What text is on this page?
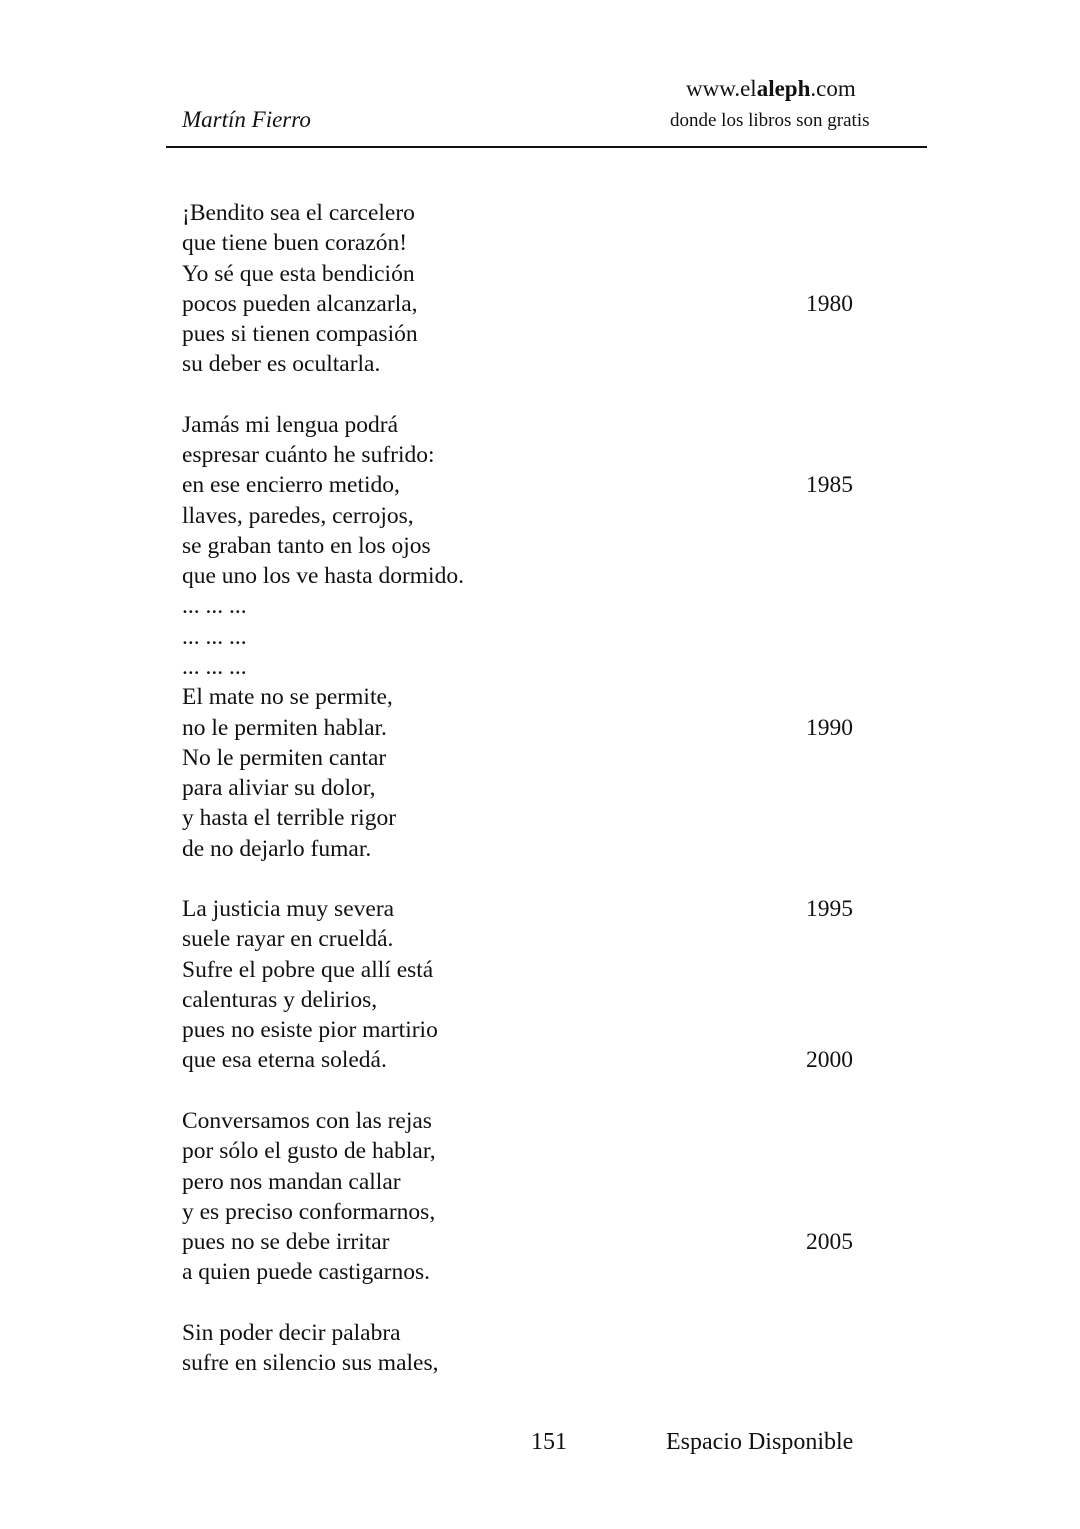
Martín Fierro
www.elaleph.com
donde los libros son gratis
¡Bendito sea el carcelero
que tiene buen corazón!
Yo sé que esta bendición
pocos pueden alcanzarla,	1980
pues si tienen compasión
su deber es ocultarla.
Jamás mi lengua podrá
espresar cuánto he sufrido:
en ese encierro metido,	1985
llaves, paredes, cerrojos,
se graban tanto en los ojos
que uno los ve hasta dormido.
... ... ...
... ... ...
... ... ...
El mate no se permite,
no le permiten hablar.	1990
No le permiten cantar
para aliviar su dolor,
y hasta el terrible rigor
de no dejarlo fumar.
La justicia muy severa	1995
suele rayar en crueldá.
Sufre el pobre que allí está
calenturas y delirios,
pues no esiste pior martirio
que esa eterna soledá.	2000
Conversamos con las rejas
por sólo el gusto de hablar,
pero nos mandan callar
y es preciso conformarnos,
pues no se debe irritar	2005
a quien puede castigarnos.
Sin poder decir palabra
sufre en silencio sus males,
151	Espacio Disponible
